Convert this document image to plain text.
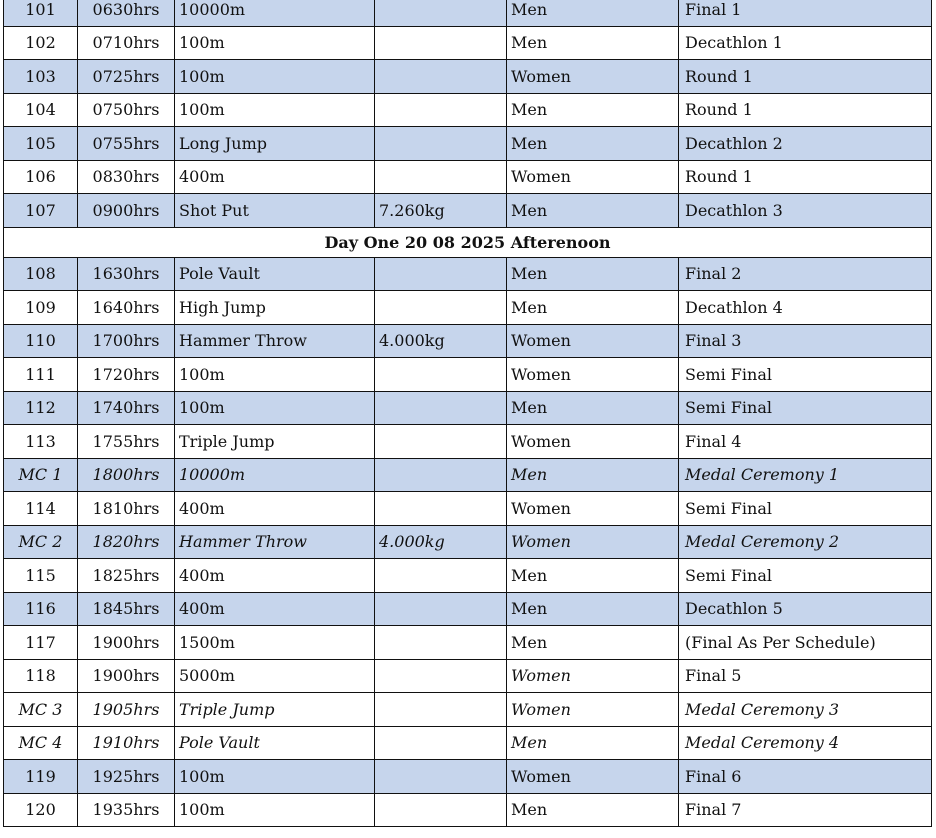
101	0630hrs	10000m		Men	Final 1
102	0710hrs	100m		Men	Decathlon 1
103	0725hrs	100m		Women	Round 1
104	0750hrs	100m		Men	Round 1
105	0755hrs	Long Jump		Men	Decathlon 2
106	0830hrs	400m		Women	Round 1
107	0900hrs	Shot Put	7.260kg	Men	Decathlon 3
Day One 20 08 2025 Afterenoon					
108	1630hrs	Pole Vault		Men	Final 2
109	1640hrs	High Jump		Men	Decathlon 4
110	1700hrs	Hammer Throw	4.000kg	Women	Final 3
111	1720hrs	100m		Women	Semi Final
112	1740hrs	100m		Men	Semi Final
113	1755hrs	Triple Jump		Women	Final 4
MC 1	1800hrs	10000m		Men	Medal Ceremony 1
114	1810hrs	400m		Women	Semi Final
MC 2	1820hrs	Hammer Throw	4.000kg	Women	Medal Ceremony 2
115	1825hrs	400m		Men	Semi Final
116	1845hrs	400m		Men	Decathlon 5
117	1900hrs	1500m		Men	(Final As Per Schedule)
118	1900hrs	5000m		Women	Final 5
MC 3	1905hrs	Triple Jump		Women	Medal Ceremony 3
MC 4	1910hrs	Pole Vault		Men	Medal Ceremony 4
119	1925hrs	100m		Women	Final 6
120	1935hrs	100m		Men	Final 7
